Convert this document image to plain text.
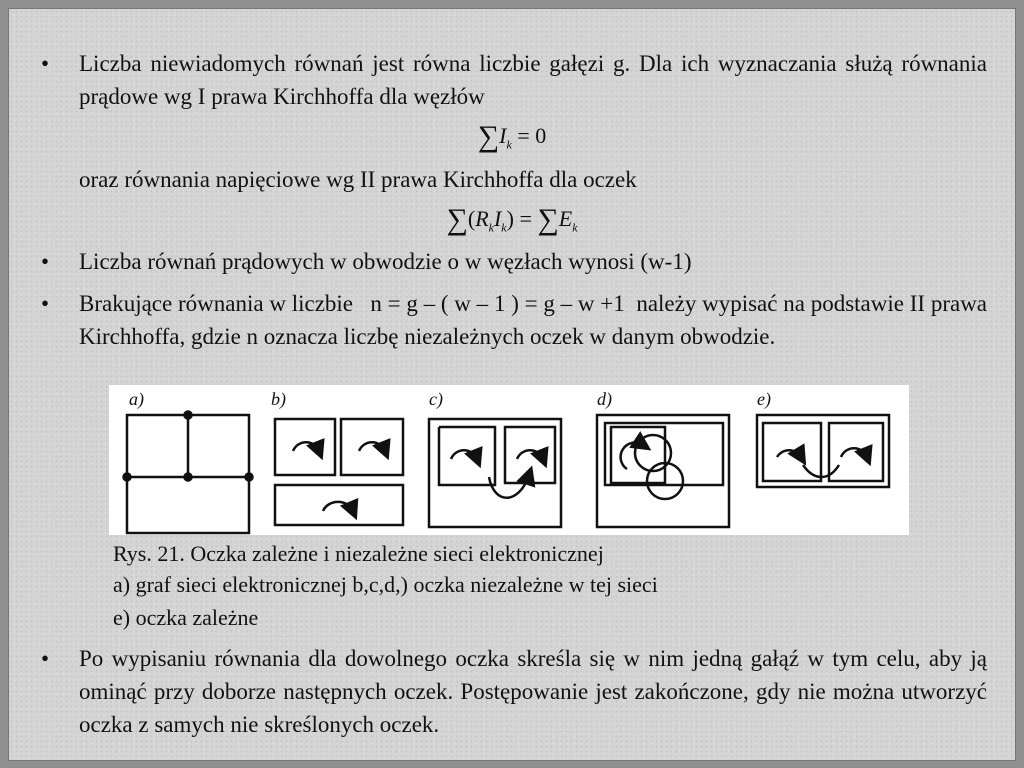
• Liczba niewiadomych równań jest równa liczbie gałęzi g. Dla ich wyznaczania służą równania prądowe wg I prawa Kirchhoffa dla węzłów
$\sum I_k = 0$
oraz równania napięciowe wg II prawa Kirchhoffa dla oczek
$\sum(R_kI_k) = \sum E_k$
• Liczba równań prądowych w obwodzie o w węzłach wynosi (w-1)
• Brakujące równania w liczbie n = g – ( w – 1 ) = g – w +1 należy wypisać na podstawie II prawa Kirchhoffa, gdzie n oznacza liczbę niezależnych oczek w danym obwodzie.
a)	b)	c)	d)	e)
Rys. 21. Oczka zależne i niezależne sieci elektronicznej
a) graf sieci elektronicznej b,c,d,) oczka niezależne w tej sieci
e) oczka zależne
• Po wypisaniu równania dla dowolnego oczka skreśla się w nim jedną gałąź w tym celu, aby ją ominąć przy doborze następnych oczek. Postępowanie jest zakończone, gdy nie można utworzyć oczka z samych nie skreślonych oczek.
